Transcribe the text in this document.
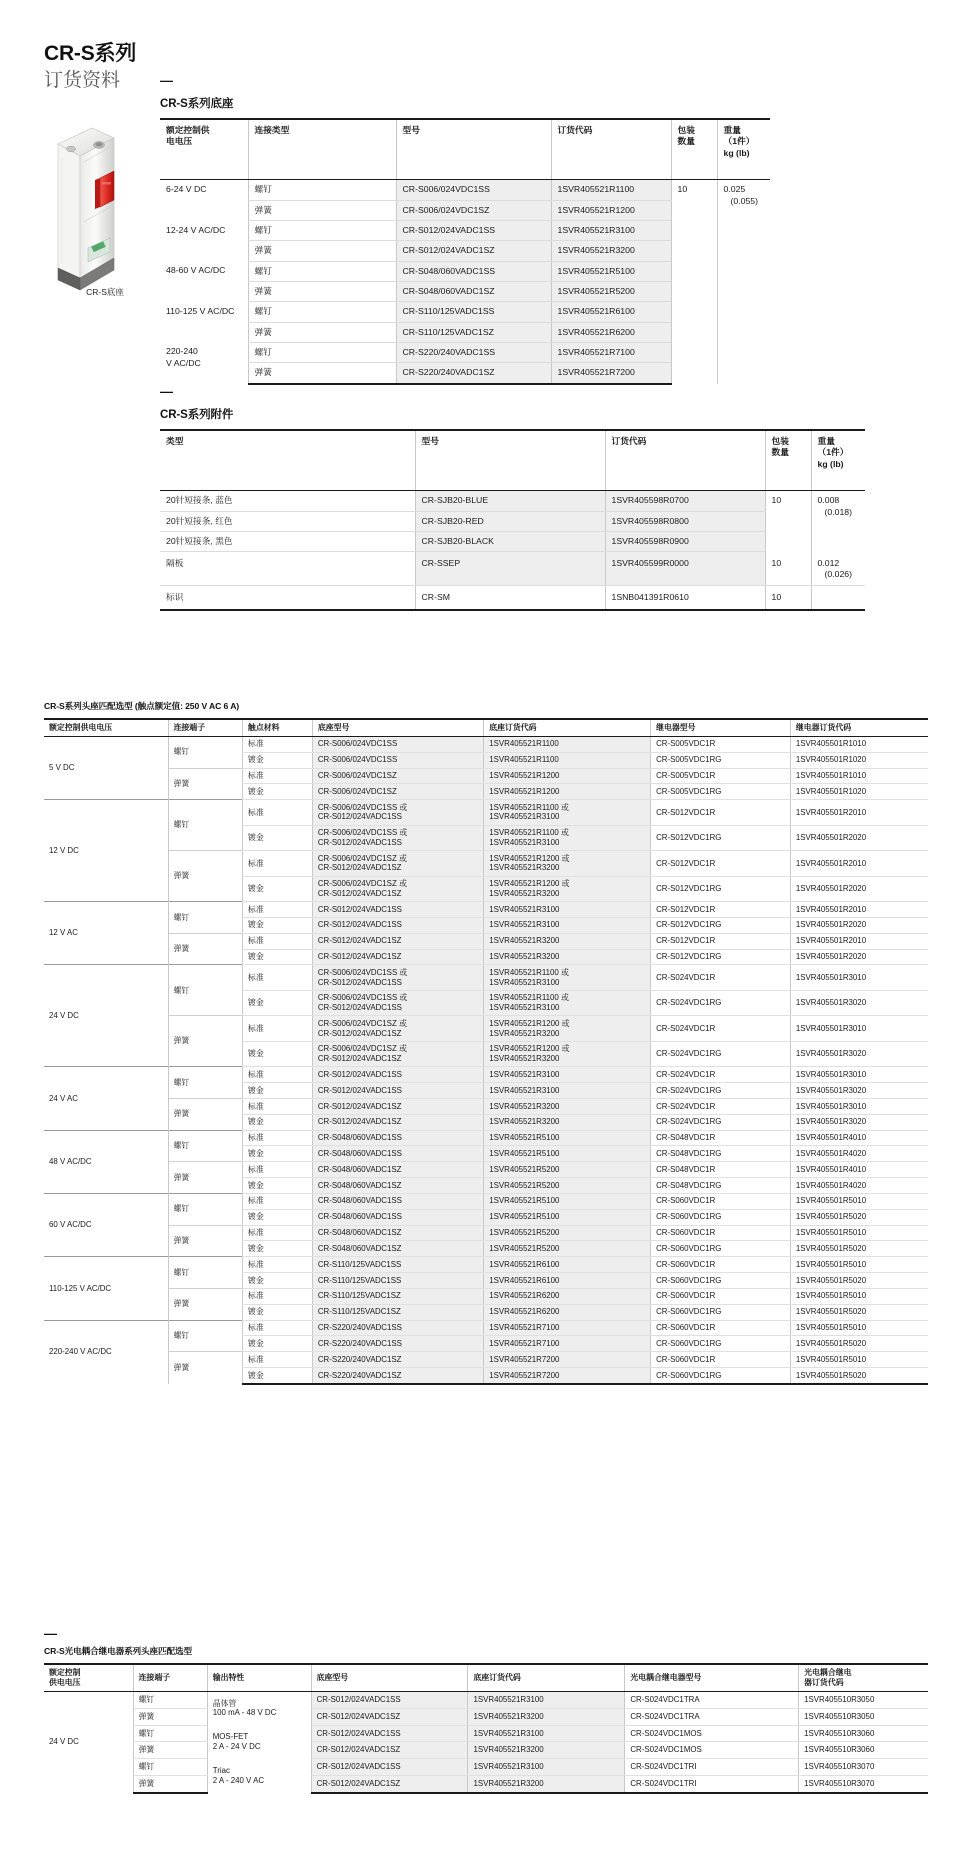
CR-S系列
订货资料
CR-S底座
—
CR-S系列底座
额定控制供
电电压	连接类型	型号	订货代码	包装
数量	重量
（1件）
kg (lb)
6-24 V DC	螺钉	CR-S006/024VDC1SS	1SVR405521R1100	10	0.025
(0.055)
	弹簧	CR-S006/024VDC1SZ	1SVR405521R1200		
12-24 V AC/DC	螺钉	CR-S012/024VADC1SS	1SVR405521R3100		
	弹簧	CR-S012/024VADC1SZ	1SVR405521R3200		
48-60 V AC/DC	螺钉	CR-S048/060VADC1SS	1SVR405521R5100		
	弹簧	CR-S048/060VADC1SZ	1SVR405521R5200		
110-125 V AC/DC	螺钉	CR-S110/125VADC1SS	1SVR405521R6100		
	弹簧	CR-S110/125VADC1SZ	1SVR405521R6200		
220-240
V AC/DC	螺钉	CR-S220/240VADC1SS	1SVR405521R7100		
	弹簧	CR-S220/240VADC1SZ	1SVR405521R7200		
—
CR-S系列附件
类型	型号	订货代码	包装
数量	重量
（1件）
kg (lb)
20针短接条, 蓝色	CR-SJB20-BLUE	1SVR405598R0700	10	0.008
(0.018)
20针短接条, 红色	CR-SJB20-RED	1SVR405598R0800		
20针短接条, 黑色	CR-SJB20-BLACK	1SVR405598R0900		
隔板	CR-SSEP	1SVR405599R0000	10	0.012
(0.026)
标识	CR-SM	1SNB041391R0610	10	
CR-S系列头座匹配选型 (触点额定值: 250 V AC 6 A)
额定控制供电电压	连接端子	触点材料	底座型号	底座订货代码	继电器型号	继电器订货代码
5 V DC	螺钉	标准	CR-S006/024VDC1SS	1SVR405521R1100	CR-S005VDC1R	1SVR405501R1010
		镀金	CR-S006/024VDC1SS	1SVR405521R1100	CR-S005VDC1RG	1SVR405501R1020
	弹簧	标准	CR-S006/024VDC1SZ	1SVR405521R1200	CR-S005VDC1R	1SVR405501R1010
		镀金	CR-S006/024VDC1SZ	1SVR405521R1200	CR-S005VDC1RG	1SVR405501R1020
12 V DC	螺钉	标准	CR-S006/024VDC1SS 或
CR-S012/024VADC1SS	1SVR405521R1100 或
1SVR405521R3100	CR-S012VDC1R	1SVR405501R2010
		镀金	CR-S006/024VDC1SS 或
CR-S012/024VADC1SS	1SVR405521R1100 或
1SVR405521R3100	CR-S012VDC1RG	1SVR405501R2020
	弹簧	标准	CR-S006/024VDC1SZ 或
CR-S012/024VADC1SZ	1SVR405521R1200 或
1SVR405521R3200	CR-S012VDC1R	1SVR405501R2010
		镀金	CR-S006/024VDC1SZ 或
CR-S012/024VADC1SZ	1SVR405521R1200 或
1SVR405521R3200	CR-S012VDC1RG	1SVR405501R2020
12 V AC	螺钉	标准	CR-S012/024VADC1SS	1SVR405521R3100	CR-S012VDC1R	1SVR405501R2010
		镀金	CR-S012/024VADC1SS	1SVR405521R3100	CR-S012VDC1RG	1SVR405501R2020
	弹簧	标准	CR-S012/024VADC1SZ	1SVR405521R3200	CR-S012VDC1R	1SVR405501R2010
		镀金	CR-S012/024VADC1SZ	1SVR405521R3200	CR-S012VDC1RG	1SVR405501R2020
24 V DC	螺钉	标准	CR-S006/024VDC1SS 或
CR-S012/024VADC1SS	1SVR405521R1100 或
1SVR405521R3100	CR-S024VDC1R	1SVR405501R3010
		镀金	CR-S006/024VDC1SS 或
CR-S012/024VADC1SS	1SVR405521R1100 或
1SVR405521R3100	CR-S024VDC1RG	1SVR405501R3020
	弹簧	标准	CR-S006/024VDC1SZ 或
CR-S012/024VADC1SZ	1SVR405521R1200 或
1SVR405521R3200	CR-S024VDC1R	1SVR405501R3010
		镀金	CR-S006/024VDC1SZ 或
CR-S012/024VADC1SZ	1SVR405521R1200 或
1SVR405521R3200	CR-S024VDC1RG	1SVR405501R3020
24 V AC	螺钉	标准	CR-S012/024VADC1SS	1SVR405521R3100	CR-S024VDC1R	1SVR405501R3010
		镀金	CR-S012/024VADC1SS	1SVR405521R3100	CR-S024VDC1RG	1SVR405501R3020
	弹簧	标准	CR-S012/024VADC1SZ	1SVR405521R3200	CR-S024VDC1R	1SVR405501R3010
		镀金	CR-S012/024VADC1SZ	1SVR405521R3200	CR-S024VDC1RG	1SVR405501R3020
48 V AC/DC	螺钉	标准	CR-S048/060VADC1SS	1SVR405521R5100	CR-S048VDC1R	1SVR405501R4010
		镀金	CR-S048/060VADC1SS	1SVR405521R5100	CR-S048VDC1RG	1SVR405501R4020
	弹簧	标准	CR-S048/060VADC1SZ	1SVR405521R5200	CR-S048VDC1R	1SVR405501R4010
		镀金	CR-S048/060VADC1SZ	1SVR405521R5200	CR-S048VDC1RG	1SVR405501R4020
60 V AC/DC	螺钉	标准	CR-S048/060VADC1SS	1SVR405521R5100	CR-S060VDC1R	1SVR405501R5010
		镀金	CR-S048/060VADC1SS	1SVR405521R5100	CR-S060VDC1RG	1SVR405501R5020
	弹簧	标准	CR-S048/060VADC1SZ	1SVR405521R5200	CR-S060VDC1R	1SVR405501R5010
		镀金	CR-S048/060VADC1SZ	1SVR405521R5200	CR-S060VDC1RG	1SVR405501R5020
110-125 V AC/DC	螺钉	标准	CR-S110/125VADC1SS	1SVR405521R6100	CR-S060VDC1R	1SVR405501R5010
		镀金	CR-S110/125VADC1SS	1SVR405521R6100	CR-S060VDC1RG	1SVR405501R5020
	弹簧	标准	CR-S110/125VADC1SZ	1SVR405521R6200	CR-S060VDC1R	1SVR405501R5010
		镀金	CR-S110/125VADC1SZ	1SVR405521R6200	CR-S060VDC1RG	1SVR405501R5020
220-240 V AC/DC	螺钉	标准	CR-S220/240VADC1SS	1SVR405521R7100	CR-S060VDC1R	1SVR405501R5010
		镀金	CR-S220/240VADC1SS	1SVR405521R7100	CR-S060VDC1RG	1SVR405501R5020
	弹簧	标准	CR-S220/240VADC1SZ	1SVR405521R7200	CR-S060VDC1R	1SVR405501R5010
		镀金	CR-S220/240VADC1SZ	1SVR405521R7200	CR-S060VDC1RG	1SVR405501R5020
—
CR-S光电耦合继电器系列头座匹配选型
额定控制
供电电压	连接端子	输出特性	底座型号	底座订货代码	光电耦合继电器型号	光电耦合继电
器订货代码
24 V DC	螺钉	晶体管
100 mA - 48 V DC	CR-S012/024VADC1SS	1SVR405521R3100	CR-S024VDC1TRA	1SVR405510R3050
	弹簧		CR-S012/024VADC1SZ	1SVR405521R3200	CR-S024VDC1TRA	1SVR405510R3050
	螺钉	MOS-FET
2 A - 24 V DC	CR-S012/024VADC1SS	1SVR405521R3100	CR-S024VDC1MOS	1SVR405510R3060
	弹簧		CR-S012/024VADC1SZ	1SVR405521R3200	CR-S024VDC1MOS	1SVR405510R3060
	螺钉	Triac
2 A - 240 V AC	CR-S012/024VADC1SS	1SVR405521R3100	CR-S024VDC1TRI	1SVR405510R3070
	弹簧		CR-S012/024VADC1SZ	1SVR405521R3200	CR-S024VDC1TRI	1SVR405510R3070
